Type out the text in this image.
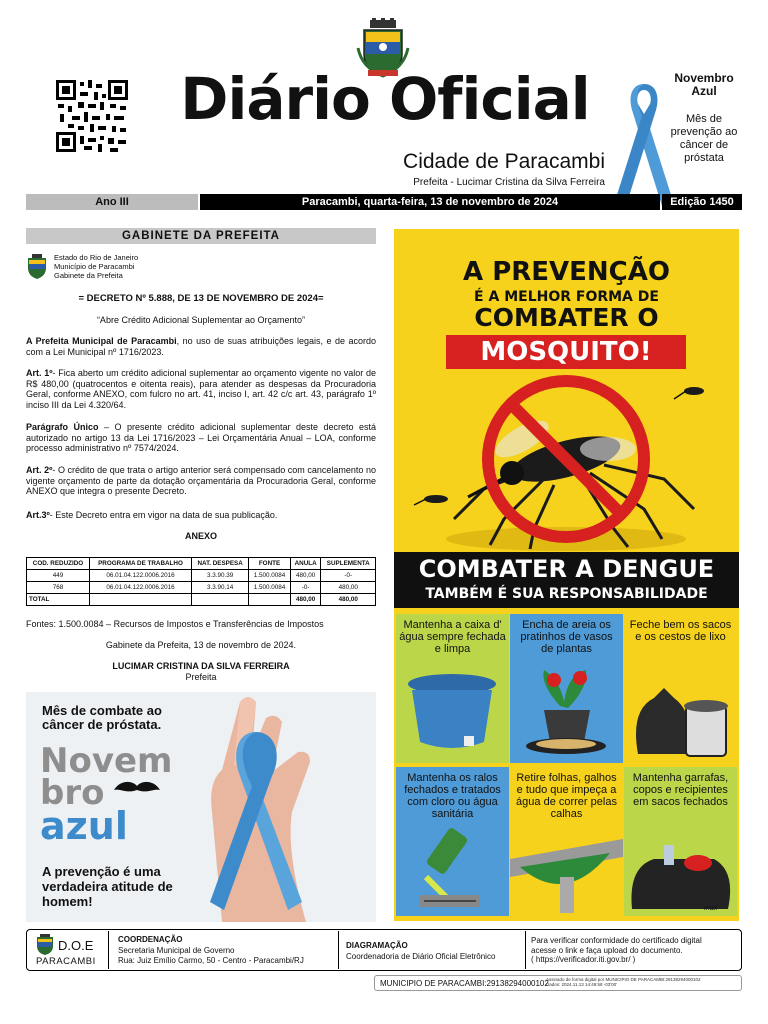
Diário Oficial
Cidade de Paracambi
Prefeita - Lucimar Cristina da Silva Ferreira
Novembro
Azul
Mês de prevenção ao câncer de próstata
Ano III	Paracambi, quarta-feira, 13 de novembro de 2024	Edição 1450
GABINETE DA PREFEITA
Estado do Rio de Janeiro
Município de Paracambi
Gabinete da Prefeita
= DECRETO Nº 5.888, DE 13 DE NOVEMBRO DE 2024=
“Abre Crédito Adicional Suplementar ao Orçamento”
A Prefeita Municipal de Paracambi, no uso de suas atribuições legais, e de acordo com a Lei Municipal nº 1716/2023.
Art. 1º- Fica aberto um crédito adicional suplementar ao orçamento vigente no valor de R$ 480,00 (quatrocentos e oitenta reais), para atender as despesas da Procuradoria Geral, conforme ANEXO, com fulcro no art. 41, inciso I, art. 42 c/c art. 43, parágrafo 1º inciso III da Lei 4.320/64.
Parágrafo Único – O presente crédito adicional suplementar deste decreto está autorizado no artigo 13 da Lei 1716/2023 – Lei Orçamentária Anual – LOA, conforme processo administrativo nº 7574/2024.
Art. 2º- O crédito de que trata o artigo anterior será compensado com cancelamento no vigente orçamento de parte da dotação orçamentária da Procuradoria Geral, conforme ANEXO que integra o presente Decreto.
Art.3º- Este Decreto entra em vigor na data de sua publicação.
ANEXO
COD. REDUZIDO	PROGRAMA DE TRABALHO	NAT. DESPESA	FONTE	ANULA	SUPLEMENTA
449	06.01.04.122.0006.2016	3.3.90.39	1.500.0084	480,00	-0-
768	06.01.04.122.0006.2016	3.3.90.14	1.500.0084	-0-	480,00
TOTAL				480,00	480,00
Fontes: 1.500.0084 – Recursos de Impostos e Transferências de Impostos
Gabinete da Prefeita, 13 de novembro de 2024.
LUCIMAR CRISTINA DA SILVA FERREIRA
Prefeita
Mês de combate ao câncer de próstata.
Novem
bro
azul
A prevenção é uma verdadeira atitude de homem!
A PREVENÇÃO
É A MELHOR FORMA DE
COMBATER O
MOSQUITO!
COMBATER A DENGUE
TAMBÉM É SUA RESPONSABILIDADE
Mantenha a caixa d' água sempre fechada e limpa
Encha de areia os pratinhos de vasos de plantas
Feche bem os sacos e os cestos de lixo
Mantenha os ralos fechados e tratados com cloro ou água sanitária
Retire folhas, galhos e tudo que impeça a água de correr pelas calhas
Mantenha garrafas, copos e recipientes em sacos fechados
max
D.O.E
PARACAMBI
COORDENAÇÃO
Secretaria Municipal de Governo
Rua: Juiz Emílio Carmo, 50 - Centro - Paracambi/RJ
DIAGRAMAÇÃO
Coordenadoria de Diário Oficial Eletrônico
Para verificar conformidade do certificado digital
acesse o link e faça upload do documento.
( https://verificador.iti.gov.br/ )
MUNICIPIO DE PARACAMBI:29138294000102
Assinado de forma digital por MUNICIPIO DE PARACAMBI:29138294000102
Dados: 2024.11.13 14:49:58 -03'00'
